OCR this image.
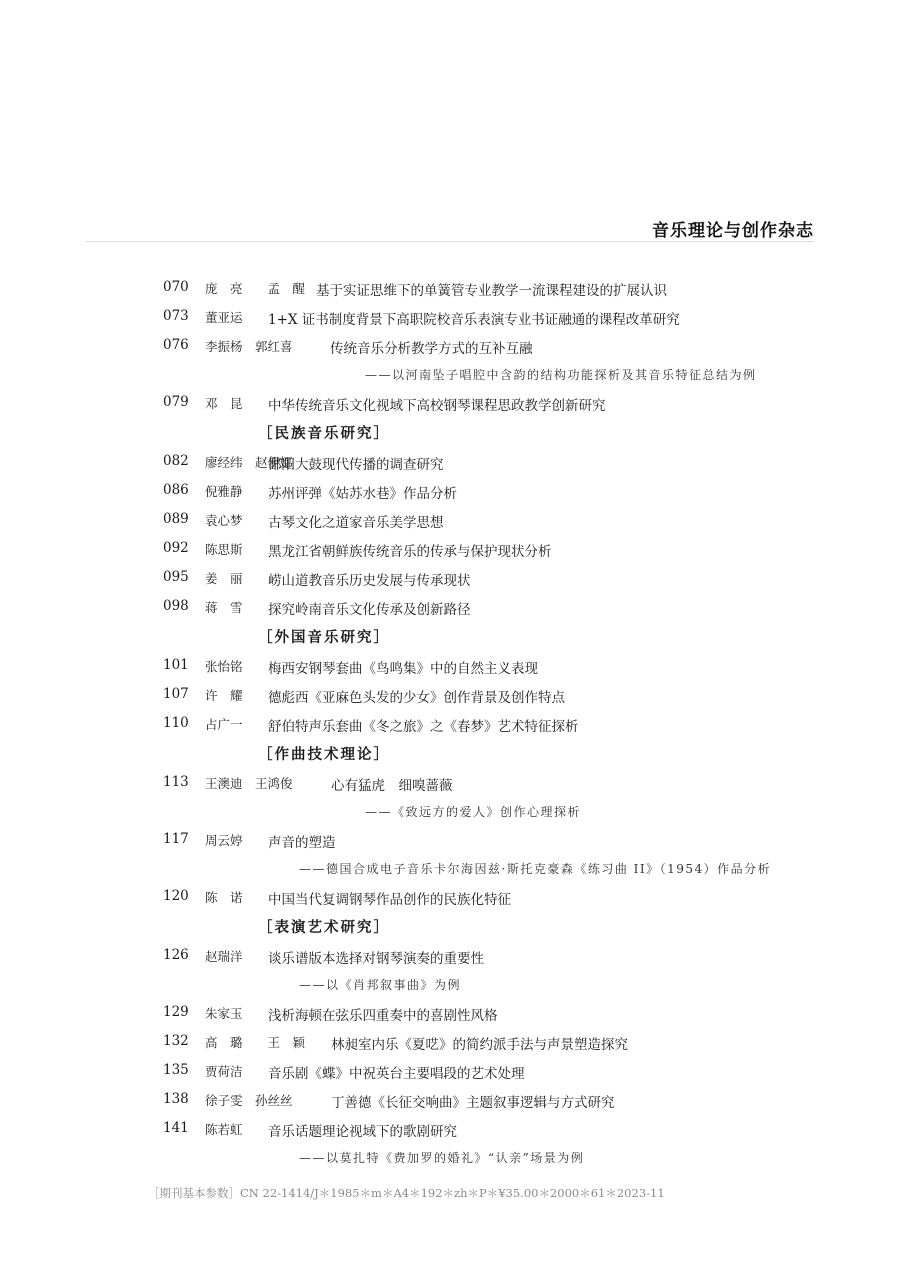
音乐理论与创作杂志
070	庞　亮　　孟　醒 基于实证思维下的单簧管专业教学一流课程建设的扩展认识
073	董亚运 1+X 证书制度背景下高职院校音乐表演专业书证融通的课程改革研究
076	李振杨　郭红喜	传统音乐分析教学方式的互补互融
——以河南坠子唱腔中含韵的结构功能探析及其音乐特征总结为例
079	邓　昆 中华传统音乐文化视域下高校钢琴课程思政教学创新研究
［民族音乐研究］
082	廖经纬　赵伊娜
鄱阳大鼓现代传播的调查研究
086	倪雅静 苏州评弹《姑苏水巷》作品分析
089	袁心梦 古琴文化之道家音乐美学思想
092	陈思斯 黑龙江省朝鲜族传统音乐的传承与保护现状分析
095	姜　丽 崂山道教音乐历史发展与传承现状
098	蒋　雪 探究岭南音乐文化传承及创新路径
［外国音乐研究］
101	张怡铭 梅西安钢琴套曲《鸟鸣集》中的自然主义表现
107	许　耀 德彪西《亚麻色头发的少女》创作背景及创作特点
110	占广一 舒伯特声乐套曲《冬之旅》之《春梦》艺术特征探析
［作曲技术理论］
113	王澳迪　王鸿俊	心有猛虎　细嗅蔷薇
——《致远方的爱人》创作心理探析
117	周云婷 声音的塑造
——德国合成电子音乐卡尔海因兹·斯托克豪森《练习曲 II》（1954）作品分析
120	陈　诺 中国当代复调钢琴作品创作的民族化特征
［表演艺术研究］
126	赵瑞洋 谈乐谱版本选择对钢琴演奏的重要性
——以《肖邦叙事曲》为例
129	朱家玉 浅析海顿在弦乐四重奏中的喜剧性风格
132	高　璐　　王　颖 林昶室内乐《夏呓》的简约派手法与声景塑造探究
135	贾荷洁 音乐剧《蝶》中祝英台主要唱段的艺术处理
138	徐子雯　孙丝丝	丁善德《长征交响曲》主题叙事逻辑与方式研究
141	陈若虹 音乐话题理论视域下的歌剧研究
——以莫扎特《费加罗的婚礼》“认亲”场景为例
［期刊基本参数］CN 22-1414/J＊1985＊m＊A4＊192＊zh＊P＊¥35.00＊2000＊61＊2023-11
